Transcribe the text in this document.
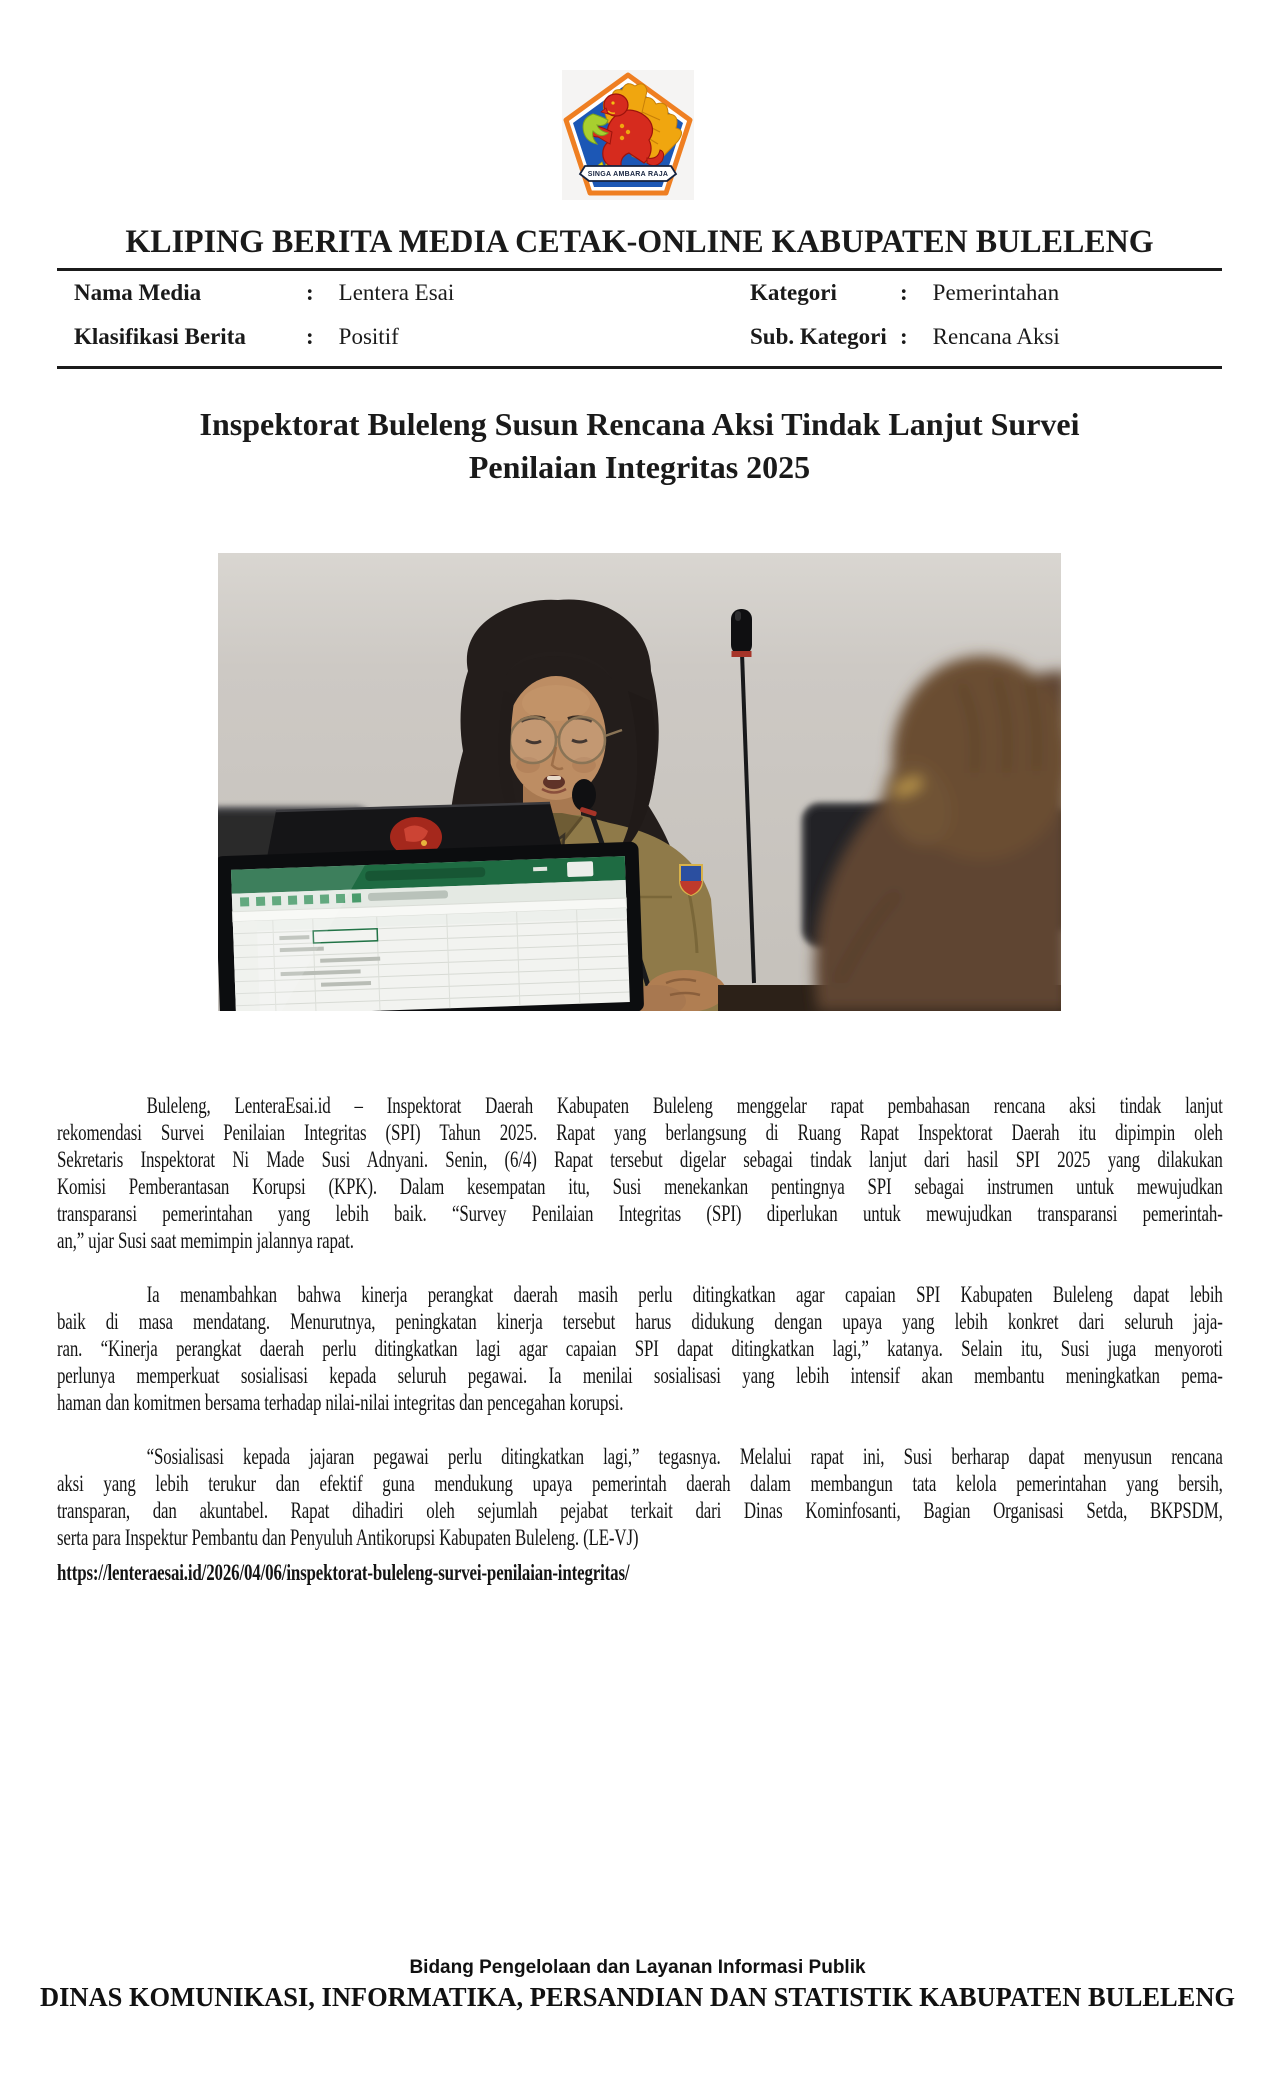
SINGA AMBARA RAJA
KLIPING BERITA MEDIA CETAK-ONLINE KABUPATEN BULELENG
Nama Media	: Lentera Esai	Kategori	: Pemerintahan
Klasifikasi Berita	: Positif	Sub. Kategori : Rencana Aksi
Inspektorat Buleleng Susun Rencana Aksi Tindak Lanjut Survei
Penilaian Integritas 2025
Buleleng, LenteraEsai.id – Inspektorat Daerah Kabupaten Buleleng menggelar rapat pembahasan rencana aksi tindak lanjut
rekomendasi Survei Penilaian Integritas (SPI) Tahun 2025. Rapat yang berlangsung di Ruang Rapat Inspektorat Daerah itu dipimpin oleh
Sekretaris Inspektorat Ni Made Susi Adnyani. Senin, (6/4) Rapat tersebut digelar sebagai tindak lanjut dari hasil SPI 2025 yang dilakukan
Komisi Pemberantasan Korupsi (KPK). Dalam kesempatan itu, Susi menekankan pentingnya SPI sebagai instrumen untuk mewujudkan
transparansi pemerintahan yang lebih baik. “Survey Penilaian Integritas (SPI) diperlukan untuk mewujudkan transparansi pemerintah-
an,” ujar Susi saat memimpin jalannya rapat.
Ia menambahkan bahwa kinerja perangkat daerah masih perlu ditingkatkan agar capaian SPI Kabupaten Buleleng dapat lebih
baik di masa mendatang. Menurutnya, peningkatan kinerja tersebut harus didukung dengan upaya yang lebih konkret dari seluruh jaja-
ran. “Kinerja perangkat daerah perlu ditingkatkan lagi agar capaian SPI dapat ditingkatkan lagi,” katanya. Selain itu, Susi juga menyoroti
perlunya memperkuat sosialisasi kepada seluruh pegawai. Ia menilai sosialisasi yang lebih intensif akan membantu meningkatkan pema-
haman dan komitmen bersama terhadap nilai-nilai integritas dan pencegahan korupsi.
“Sosialisasi kepada jajaran pegawai perlu ditingkatkan lagi,” tegasnya. Melalui rapat ini, Susi berharap dapat menyusun rencana
aksi yang lebih terukur dan efektif guna mendukung upaya pemerintah daerah dalam membangun tata kelola pemerintahan yang bersih,
transparan, dan akuntabel. Rapat dihadiri oleh sejumlah pejabat terkait dari Dinas Kominfosanti, Bagian Organisasi Setda, BKPSDM,
serta para Inspektur Pembantu dan Penyuluh Antikorupsi Kabupaten Buleleng. (LE-VJ)
https://lenteraesai.id/2026/04/06/inspektorat-buleleng-survei-penilaian-integritas/
Bidang Pengelolaan dan Layanan Informasi Publik
DINAS KOMUNIKASI, INFORMATIKA, PERSANDIAN DAN STATISTIK KABUPATEN BULELENG
